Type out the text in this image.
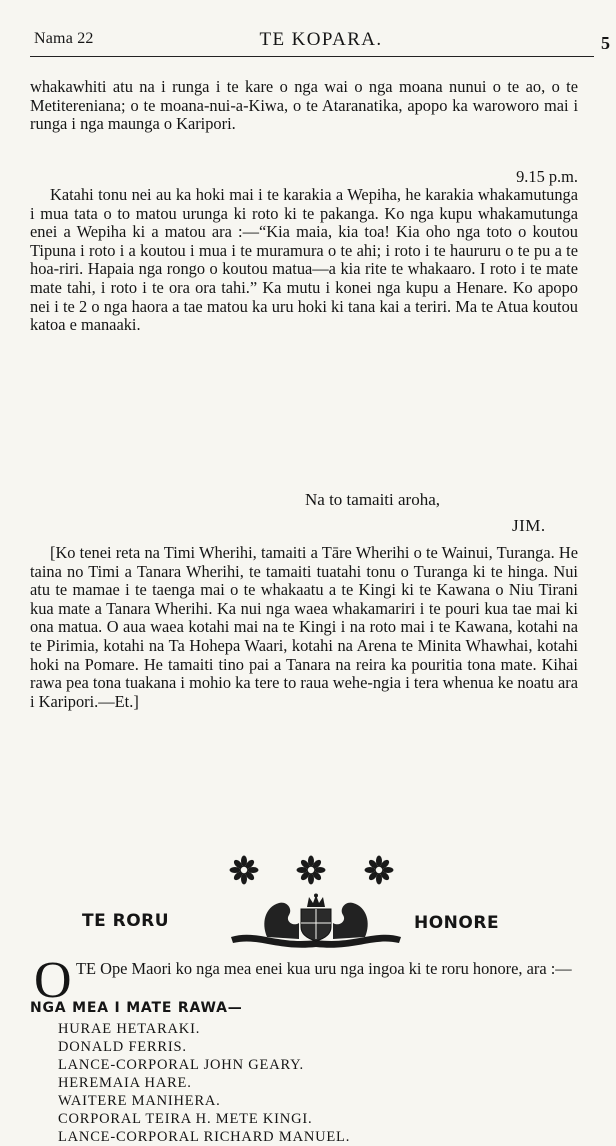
Nama 22	TE KOPARA.	5
whakawhiti atu na i runga i te kare o nga wai o nga moana nunui o te ao, o te Metitereniana; o te moana-nui-a-Kiwa, o te Ataranatika, apopo ka waroworo mai i runga i nga maunga o Karipori.
9.15 p.m.
Katahi tonu nei au ka hoki mai i te karakia a Wepiha, he karakia whakamutunga i mua tata o to matou urunga ki roto ki te pakanga. Ko nga kupu whakamutunga enei a Wepiha ki a matou ara :—“Kia maia, kia toa! Kia oho nga toto o koutou Tipuna i roto i a koutou i mua i te muramura o te ahi; i roto i te haururu o te pu a te hoa-riri. Hapaia nga rongo o koutou matua—a kia rite te whakaaro. I roto i te mate mate tahi, i roto i te ora ora tahi.” Ka mutu i konei nga kupu a Henare. Ko apopo nei i te 2 o nga haora a tae matou ka uru hoki ki tana kai a teriri. Ma te Atua koutou katoa e manaaki.
Na to tamaiti aroha,
JIM.
[Ko tenei reta na Timi Wherihi, tamaiti a Tāre Wherihi o te Wainui, Turanga. He taina no Timi a Tanara Wherihi, te tamaiti tuatahi tonu o Turanga ki te hinga. Nui atu te mamae i te taenga mai o te whakaatu a te Kingi ki te Kawana o Niu Tirani kua mate a Tanara Wherihi. Ka nui nga waea whakamariri i te pouri kua tae mai ki ona matua. O aua waea kotahi mai na te Kingi i na roto mai i te Kawana, kotahi na te Pirimia, kotahi na Ta Hohepa Waari, kotahi na Arena te Minita Whawhai, kotahi hoki na Pomare. He tamaiti tino pai a Tanara na reira ka pouritia tona mate. Kihai rawa pea tona tuakana i mohio ka tere to raua wehe-ngia i tera whenua ke noatu ara i Karipori.—Et.]
TE RORU	HONORE
O TE Ope Maori ko nga mea enei kua uru nga ingoa ki te roru honore, ara :—
NGA MEA I MATE RAWA—
HURAE HETARAKI.
DONALD FERRIS.
LANCE-CORPORAL JOHN GEARY.
HEREMAIA HARE.
WAITERE MANIHERA.
CORPORAL TEIRA H. METE KINGI.
LANCE-CORPORAL RICHARD MANUEL.
